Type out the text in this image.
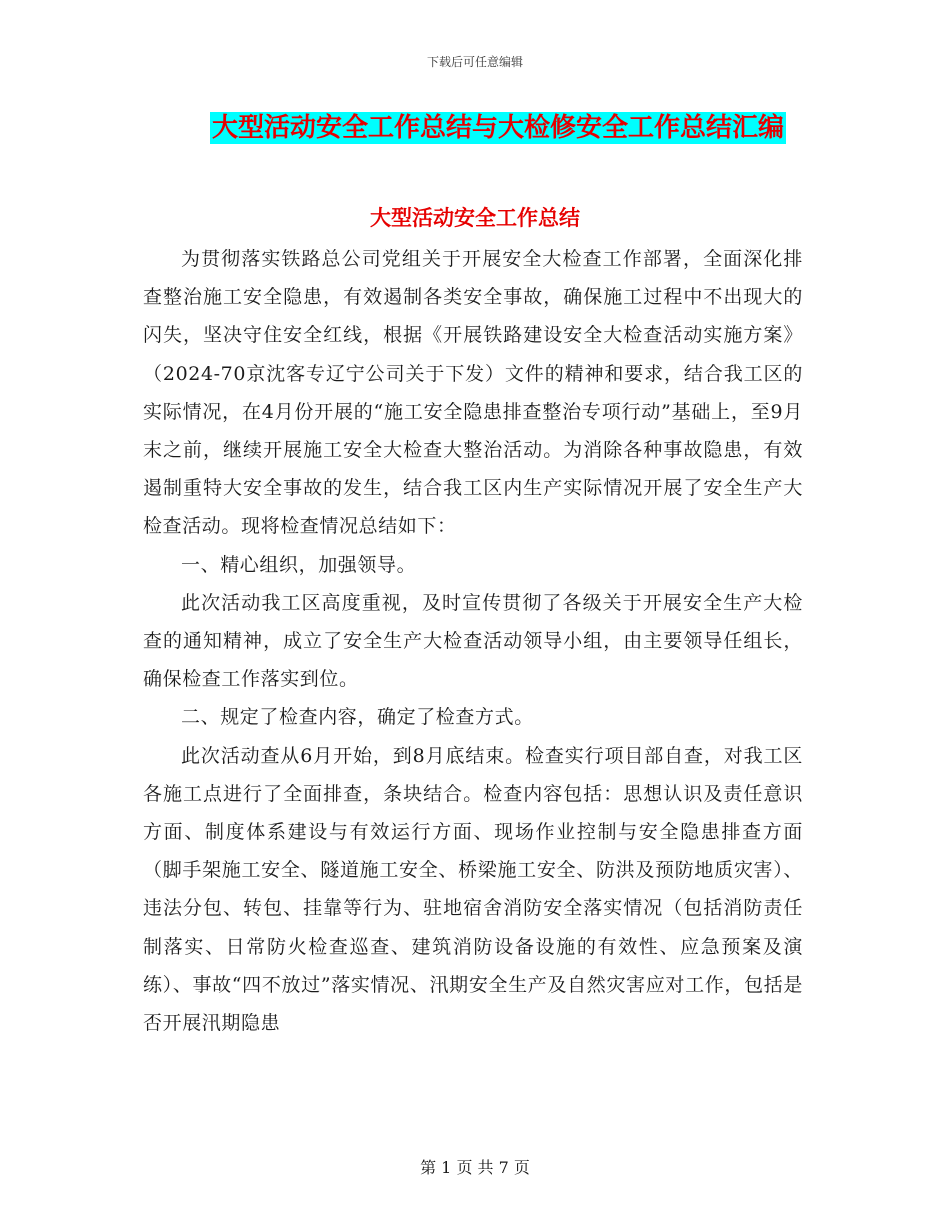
下载后可任意编辑
大型活动安全工作总结与大检修安全工作总结汇编
大型活动安全工作总结

为贯彻落实铁路总公司党组关于开展安全大检查工作部署，全面深化排查整治施工安全隐患，有效遏制各类安全事故，确保施工过程中不出现大的闪失，坚决守住安全红线，根据《开展铁路建设安全大检查活动实施方案》（2024-70京沈客专辽宁公司关于下发）文件的精神和要求，结合我工区的实际情况，在4月份开展的“施工安全隐患排查整治专项行动”基础上，至9月末之前，继续开展施工安全大检查大整治活动。为消除各种事故隐患，有效遏制重特大安全事故的发生，结合我工区内生产实际情况开展了安全生产大检查活动。现将检查情况总结如下：

一、精心组织，加强领导。

此次活动我工区高度重视，及时宣传贯彻了各级关于开展安全生产大检查的通知精神，成立了安全生产大检查活动领导小组，由主要领导任组长，确保检查工作落实到位。

二、规定了检查内容，确定了检查方式。

此次活动查从6月开始，到8月底结束。检查实行项目部自查，对我工区各施工点进行了全面排查，条块结合。检查内容包括：思想认识及责任意识方面、制度体系建设与有效运行方面、现场作业控制与安全隐患排查方面（脚手架施工安全、隧道施工安全、桥梁施工安全、防洪及预防地质灾害）、违法分包、转包、挂靠等行为、驻地宿舍消防安全落实情况（包括消防责任制落实、日常防火检查巡查、建筑消防设备设施的有效性、应急预案及演练）、事故“四不放过”落实情况、汛期安全生产及自然灾害应对工作，包括是否开展汛期隐患

第 1 页 共 7 页
